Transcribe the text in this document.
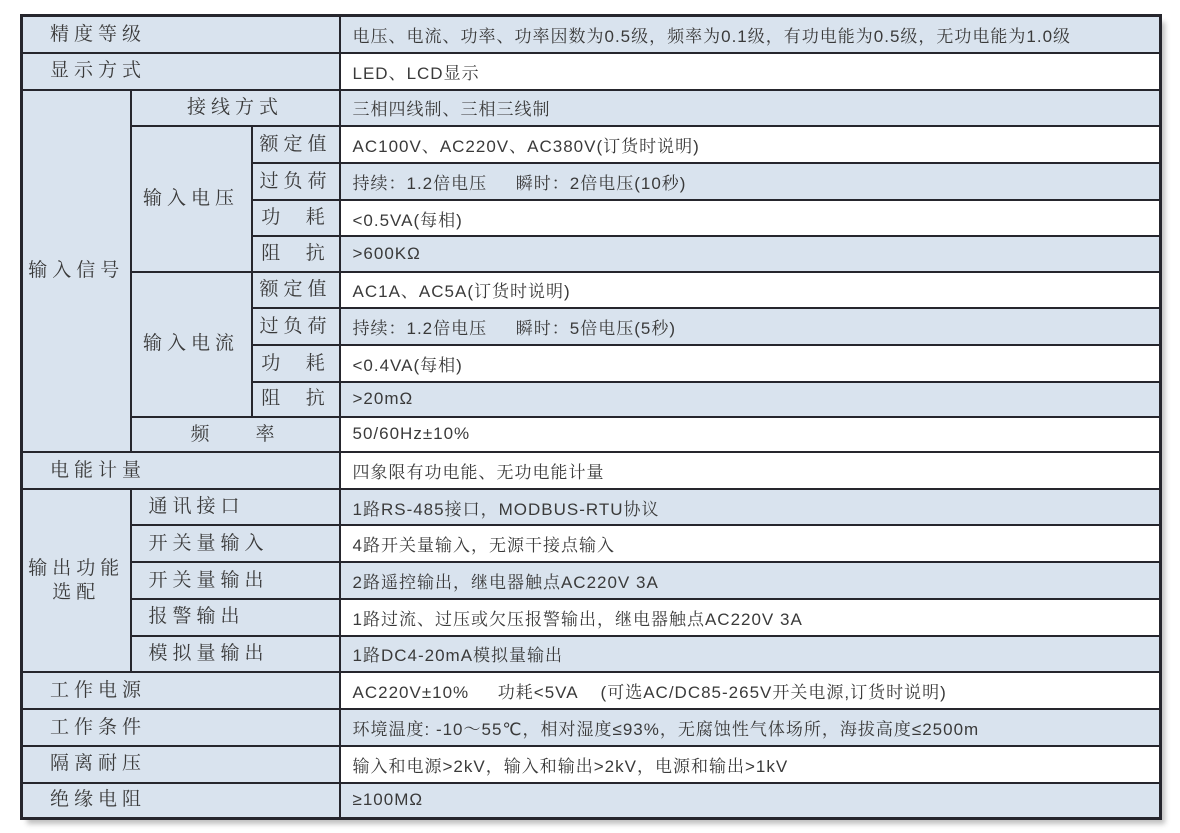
精度等级			电压、电流、功率、功率因数为0.5级，频率为0.1级，有功电能为0.5级，无功电能为1.0级
显示方式			LED、LCD显示
输入信号	接线方式		三相四线制、三相三线制
	输入电压	额定值	AC100V、AC220V、AC380V(订货时说明)
		过负荷	持续：1.2倍电压     瞬时：2倍电压(10秒)
		功  耗	<0.5VA(每相)
		阻  抗	>600KΩ
	输入电流	额定值	AC1A、AC5A(订货时说明)
		过负荷	持续：1.2倍电压     瞬时：5倍电压(5秒)
		功  耗	<0.4VA(每相)
		阻  抗	>20mΩ
	频    率		50/60Hz±10%
电能计量			四象限有功电能、无功电能计量
输出功能选配	通讯接口		1路RS-485接口，MODBUS-RTU协议
	开关量输入		4路开关量输入，无源干接点输入
	开关量输出		2路遥控输出，继电器触点AC220V 3A
	报警输出		1路过流、过压或欠压报警输出，继电器触点AC220V 3A
	模拟量输出		1路DC4-20mA模拟量输出
工作电源			AC220V±10%     功耗<5VA    (可选AC/DC85-265V开关电源,订货时说明)
工作条件			环境温度: -10～55℃，相对湿度≤93%，无腐蚀性气体场所，海拔高度≤2500m
隔离耐压			输入和电源>2kV，输入和输出>2kV，电源和输出>1kV
绝缘电阻			≥100MΩ
